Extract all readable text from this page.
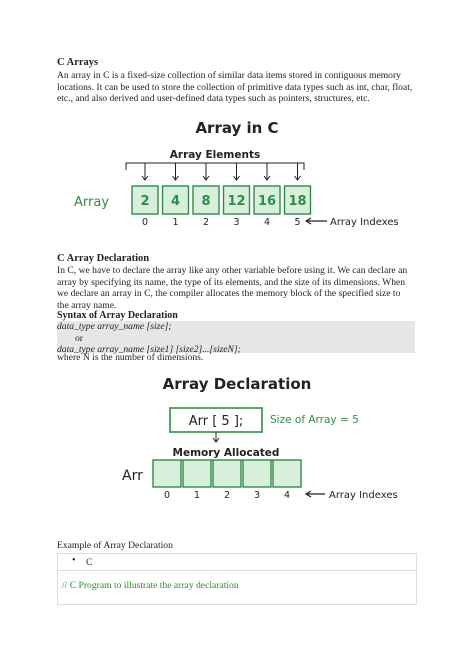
C Arrays
An array in C is a fixed-size collection of similar data items stored in contiguous memory
locations. It can be used to store the collection of primitive data types such as int, char, float,
etc., and also derived and user-defined data types such as pointers, structures, etc.
Array in C
Array Elements
Array 2 4 8 12 16 18
0	1	2	3	4	5	Array Indexes
C Array Declaration
In C, we have to declare the array like any other variable before using it. We can declare an
array by specifying its name, the type of its elements, and the size of its dimensions. When
we declare an array in C, the compiler allocates the memory block of the specified size to
the array name.
Syntax of Array Declaration
data_type array_name [size];
or
data_type array_name [size1] [size2]...[sizeN];
where N is the number of dimensions.
Array Declaration
Arr [ 5 ];	Size of Array = 5
Memory Allocated
Arr
0	1	2	3	4	Array Indexes
Example of Array Declaration
• C
// C Program to illustrate the array declaration
